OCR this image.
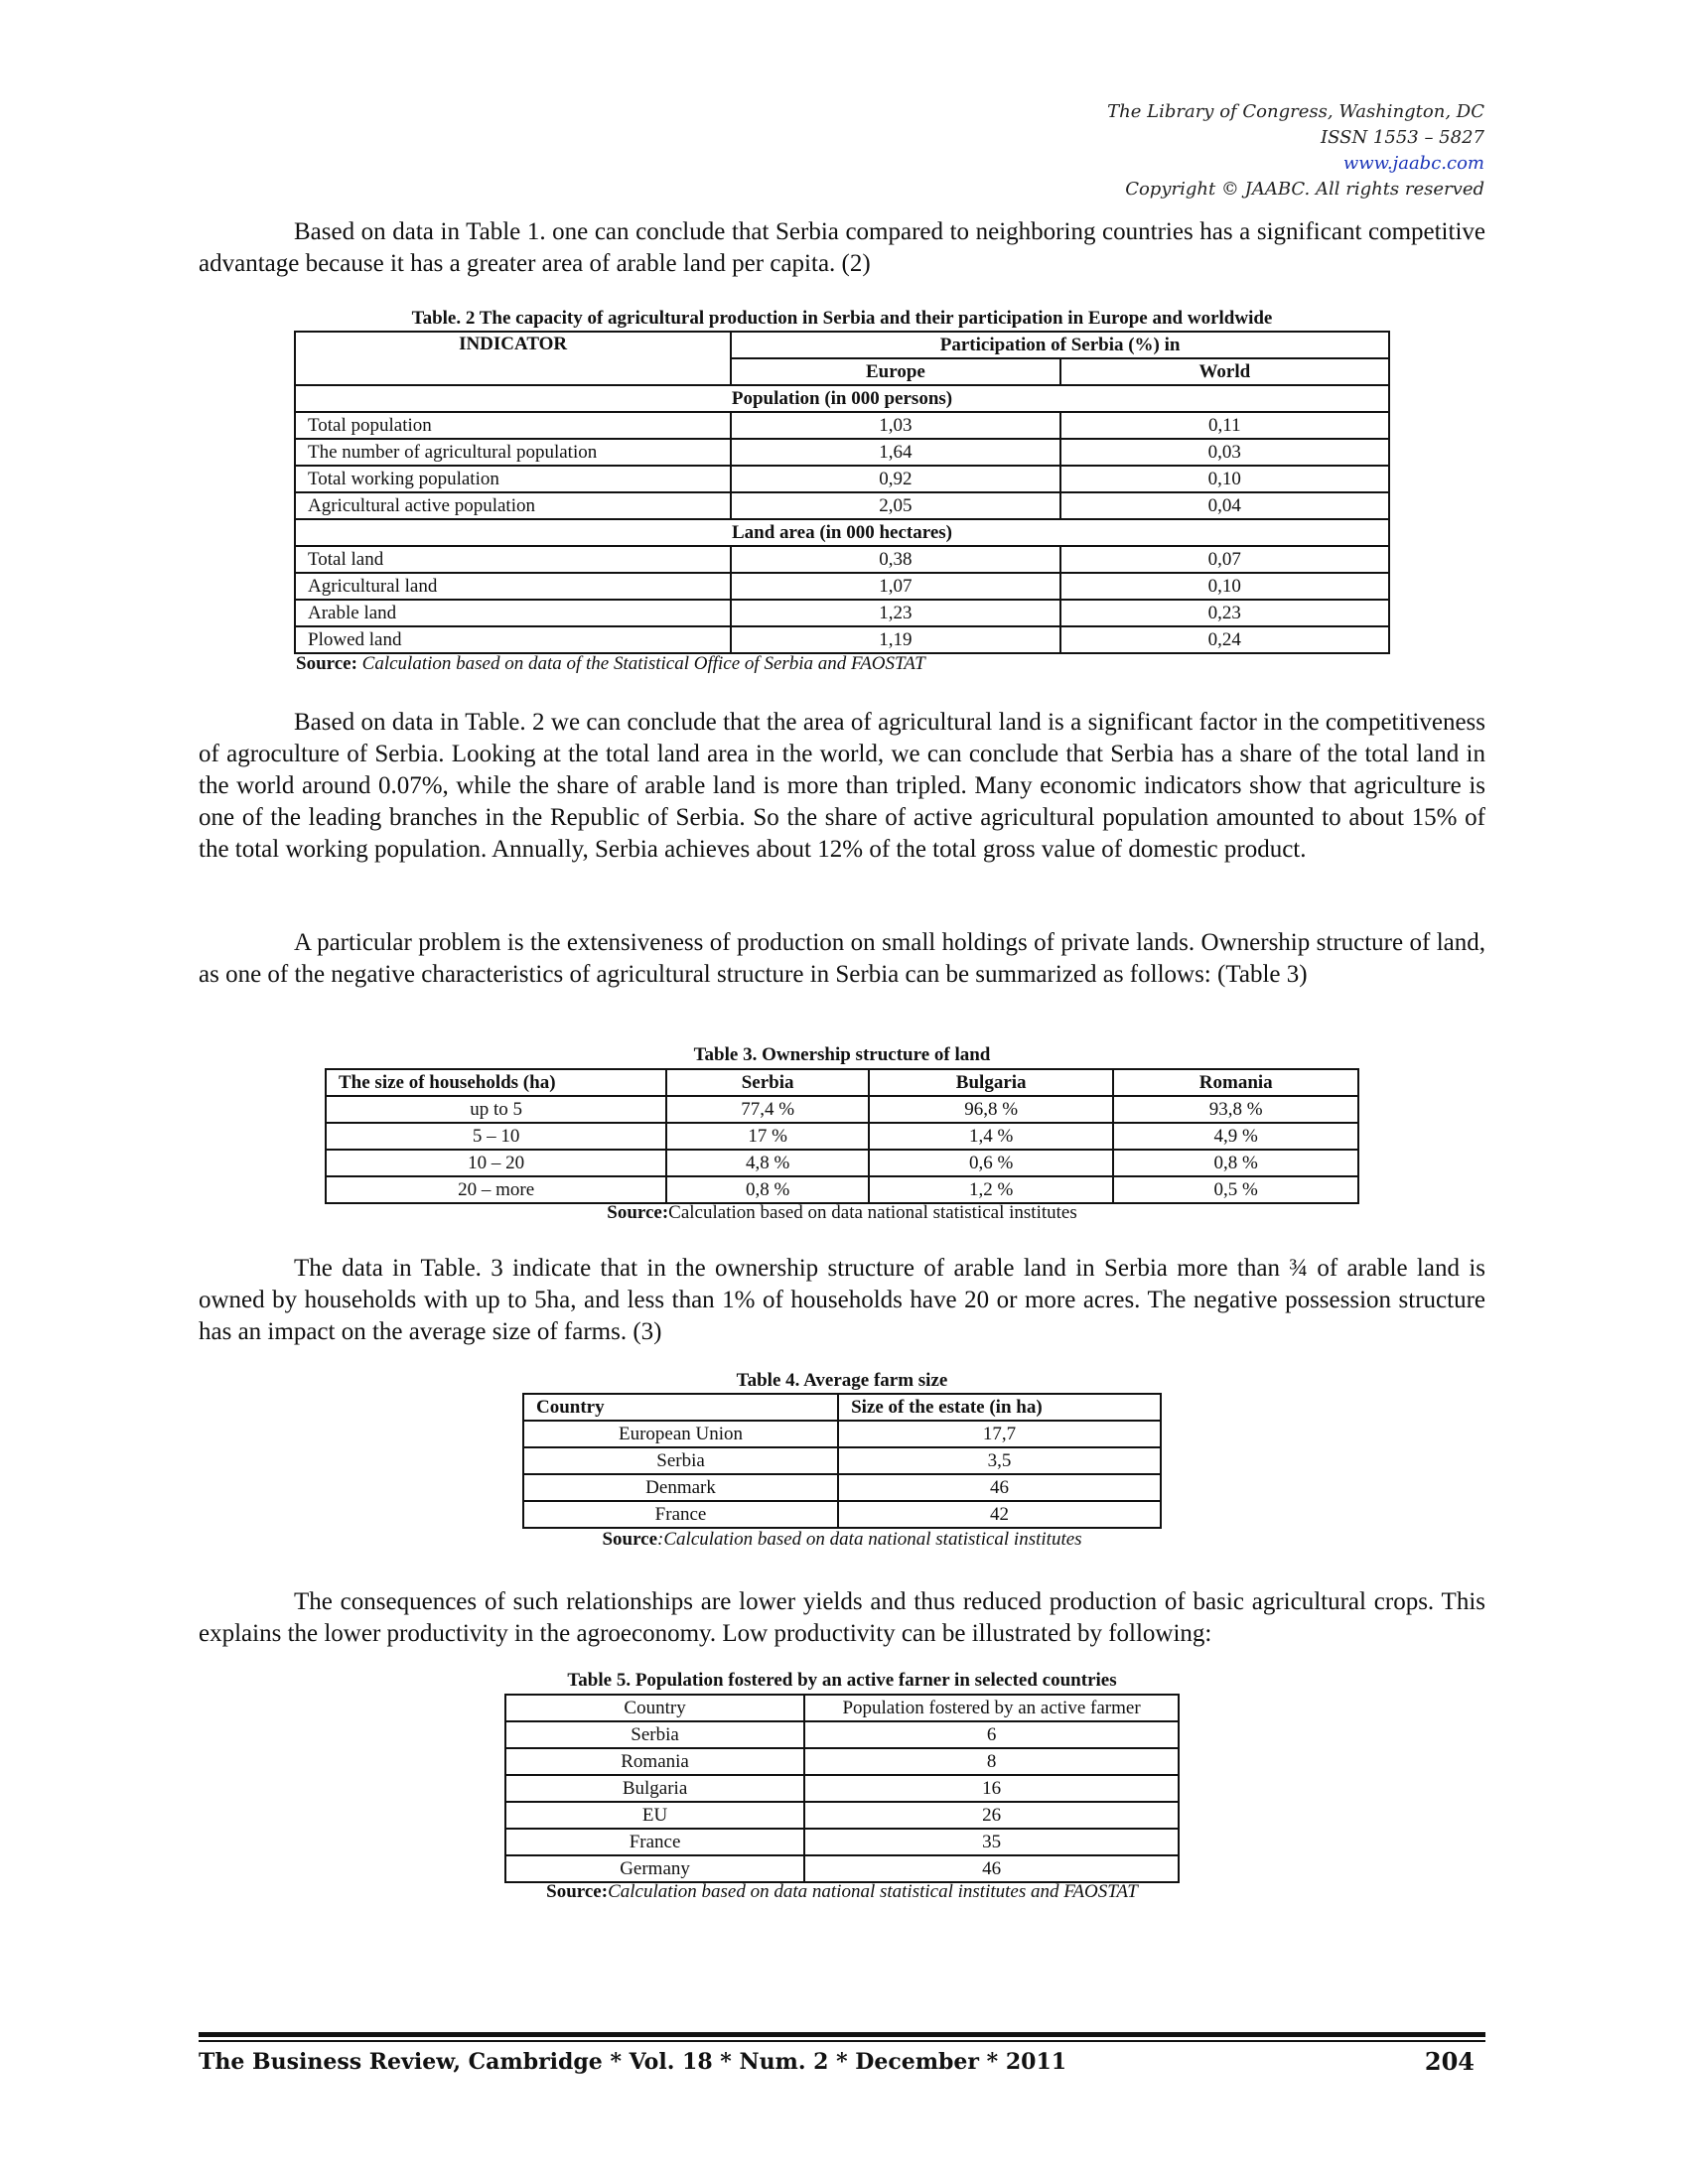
The Library of Congress, Washington, DC
ISSN 1553 – 5827
www.jaabc.com
Copyright © JAABC. All rights reserved
Based on data in Table 1. one can conclude that Serbia compared to neighboring countries has a significant competitive advantage because it has a greater area of arable land per capita. (2)
Table. 2 The capacity of agricultural production in Serbia and their participation in Europe and worldwide
INDICATOR	Participation of Serbia (%) in	
	Europe	World
Population (in 000 persons)		
Total population	1,03	0,11
The number of agricultural population	1,64	0,03
Total working population	0,92	0,10
Agricultural active population	2,05	0,04
Land area (in 000 hectares)		
Total land	0,38	0,07
Agricultural land	1,07	0,10
Arable land	1,23	0,23
Plowed land	1,19	0,24
Source: Calculation based on data of the Statistical Office of Serbia and FAOSTAT
Based on data in Table. 2 we can conclude that the area of agricultural land is a significant factor in the competitiveness of agroculture of Serbia. Looking at the total land area in the world, we can conclude that Serbia has a share of the total land in the world around 0.07%, while the share of arable land is more than tripled. Many economic indicators show that agriculture is one of the leading branches in the Republic of Serbia. So the share of active agricultural population amounted to about 15% of the total working population. Annually, Serbia achieves about 12% of the total gross value of domestic product.
A particular problem is the extensiveness of production on small holdings of private lands. Ownership structure of land, as one of the negative characteristics of agricultural structure in Serbia can be summarized as follows: (Table 3)
Table 3. Ownership structure of land
The size of households (ha)	Serbia	Bulgaria	Romania
up to 5	77,4 %	96,8 %	93,8 %
5 – 10	17 %	1,4 %	4,9 %
10 – 20	4,8 %	0,6 %	0,8 %
20 – more	0,8 %	1,2 %	0,5 %
Source:Calculation based on data national statistical institutes
The data in Table. 3 indicate that in the ownership structure of arable land in Serbia more than ¾ of arable land is owned by households with up to 5ha, and less than 1% of households have 20 or more acres. The negative possession structure has an impact on the average size of farms. (3)
Table 4. Average farm size
Country	Size of the estate (in ha)
European Union	17,7
Serbia	3,5
Denmark	46
France	42
Source:Calculation based on data national statistical institutes
The consequences of such relationships are lower yields and thus reduced production of basic agricultural crops. This explains the lower productivity in the agroeconomy. Low productivity can be illustrated by following:
Table 5. Population fostered by an active farner in selected countries
Country	Population fostered by an active farmer
Serbia	6
Romania	8
Bulgaria	16
EU	26
France	35
Germany	46
Source:Calculation based on data national statistical institutes and FAOSTAT
The Business Review, Cambridge * Vol. 18 * Num. 2 * December * 2011	204
